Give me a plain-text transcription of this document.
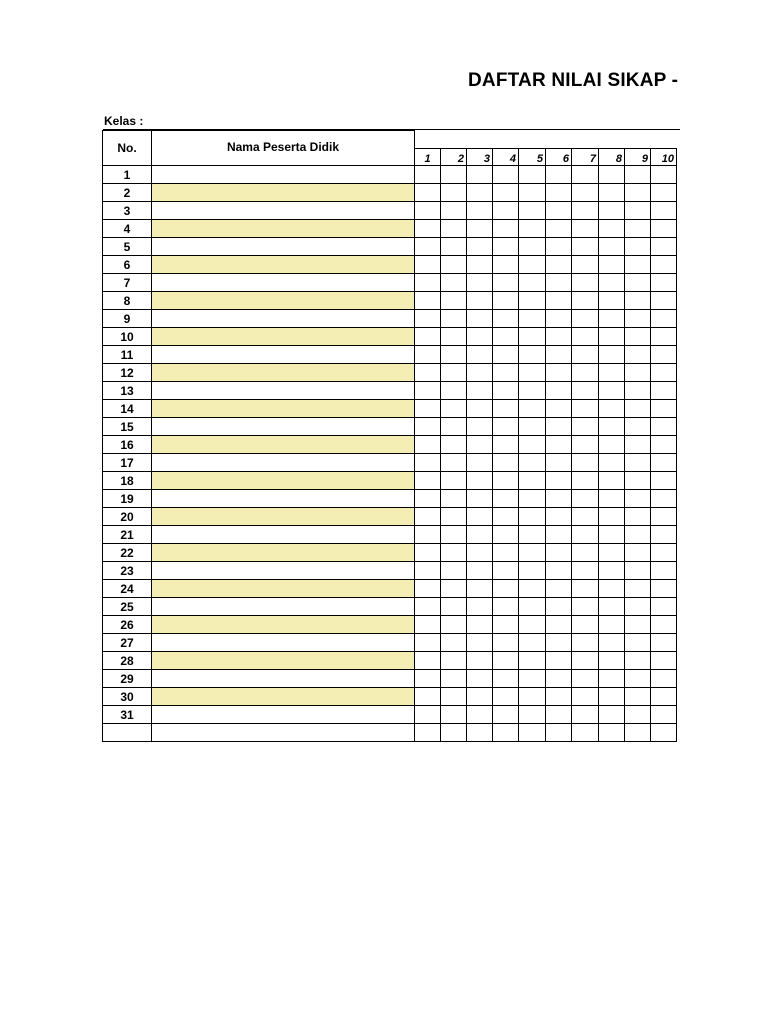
DAFTAR NILAI SIKAP -
Kelas :
No.	Nama Peserta Didik										
		1	2	3	4	5	6	7	8	9	10
1											
2											
3											
4											
5											
6											
7											
8											
9											
10											
11											
12											
13											
14											
15											
16											
17											
18											
19											
20											
21											
22											
23											
24											
25											
26											
27											
28											
29											
30											
31											
